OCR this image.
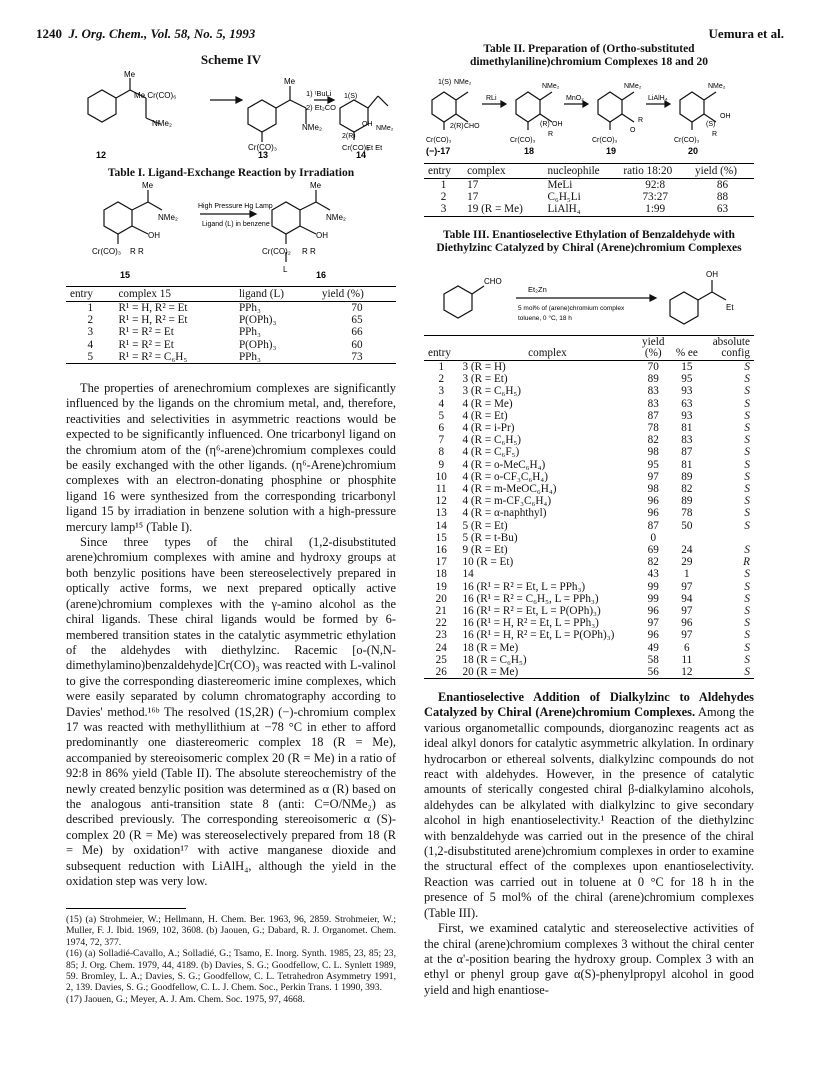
1240 J. Org. Chem., Vol. 58, No. 5, 1993	Uemura et al.
Scheme IV
Me
Me Cr(CO)₆
NMe₂
Me
NMe₂
Cr(CO)₃
1) ᵗBuLi
2) Et₂CO
1(S)
OH
NMe₂
2(R)
Cr(CO)₃
Et Et
12	13	14
Table I. Ligand-Exchange Reaction by Irradiation
Me
NMe₂
OH
Cr(CO)₃ R R
High Pressure Hg Lamp
Ligand (L) in benzene
Me
NMe₂
OH
Cr(CO)₂ R R
L
15	16
entry	complex 15	ligand (L)	yield (%)
1	R¹ = H, R² = Et	PPh₃	70
2	R¹ = H, R² = Et	P(OPh)₃	65
3	R¹ = R² = Et	PPh₃	66
4	R¹ = R² = Et	P(OPh)₃	60
5	R¹ = R² = C₆H₅	PPh₃	73

The properties of arenechromium complexes are significantly influenced by the ligands on the chromium metal, and, therefore, reactivities and selectivities in asymmetric reactions would be expected to be significantly influenced. One tricarbonyl ligand on the chromium atom of the (η⁶-arene)chromium complexes could be easily exchanged with the other ligands. (η⁶-Arene)chromium complexes with an electron-donating phosphine or phosphite ligand 16 were synthesized from the corresponding tricarbonyl ligand 15 by irradiation in benzene solution with a high-pressure mercury lamp¹⁵ (Table I).

Since three types of the chiral (1,2-disubstituted arene)chromium complexes with amine and hydroxy groups at both benzylic positions have been stereoselectively prepared in optically active forms, we next prepared optically active (arene)chromium complexes with the γ-amino alcohol as the chiral ligands. These chiral ligands would be formed by 6-membered transition states in the catalytic asymmetric ethylation of the aldehydes with diethylzinc. Racemic [o-(N,N-dimethylamino)benzaldehyde]Cr(CO)₃ was reacted with L-valinol to give the corresponding diastereomeric imine complexes, which were easily separated by column chromatography according to Davies' method.¹⁶ᵇ The resolved (1S,2R) (−)-chromium complex 17 was reacted with methyllithium at −78 °C in ether to afford predominantly one diastereomeric complex 18 (R = Me), accompanied by stereoisomeric complex 20 (R = Me) in a ratio of 92:8 in 86% yield (Table II). The absolute stereochemistry of the newly created benzylic position was determined as α (R) based on the analogous anti-transition state 8 (anti: C=O/NMe₂) as described previously. The corresponding stereoisomeric α (S)-complex 20 (R = Me) was stereoselectively prepared from 18 (R = Me) by oxidation¹⁷ with active manganese dioxide and subsequent reduction with LiAlH₄, although the yield in the oxidation step was very low.

(15) (a) Strohmeier, W.; Hellmann, H. Chem. Ber. 1963, 96, 2859. Strohmeier, W.; Muller, F. J. Ibid. 1969, 102, 3608. (b) Jaouen, G.; Dabard, R. J. Organomet. Chem. 1974, 72, 377.

(16) (a) Solladié-Cavallo, A.; Solladié, G.; Tsamo, E. Inorg. Synth. 1985, 23, 85; 23, 85; J. Org. Chem. 1979, 44, 4189. (b) Davies, S. G.; Goodfellow, C. L. Synlett 1989, 59. Bromley, L. A.; Davies, S. G.; Goodfellow, C. L. Tetrahedron Asymmetry 1991, 2, 139. Davies, S. G.; Goodfellow, C. L. J. Chem. Soc., Perkin Trans. 1 1990, 393.

(17) Jaouen, G.; Meyer, A. J. Am. Chem. Soc. 1975, 97, 4668.

Table II. Preparation of (Ortho-substituted dimethylaniline)chromium Complexes 18 and 20
1(S) NMe₂
2(R) CHO
RLi
NMe₂
(R) OH
R
MnO₂
NMe₂
O
R
LiAlH₄
NMe₂
(S)
OH
R
Cr(CO)₃	Cr(CO)₃	Cr(CO)₃	Cr(CO)₃
(−)-17	18	19	20
entry	complex	nucleophile	ratio 18:20	yield (%)
1	17	MeLi	92:8	86
2	17	C₆H₅Li	73:27	88
3	19 (R = Me)	LiAlH₄	1:99	63
Table III. Enantioselective Ethylation of Benzaldehyde with Diethylzinc Catalyzed by Chiral (Arene)chromium Complexes
CHO
Et₂Zn
5 mol% of (arene)chromium complex
toluene, 0 °C, 18 h
OH
Et
entry	complex	yield
(%)	% ee	absolute
config
1	3 (R = H)	70	15	S
2	3 (R = Et)	89	95	S
3	3 (R = C₆H₅)	83	93	S
4	4 (R = Me)	83	63	S
5	4 (R = Et)	87	93	S
6	4 (R = i-Pr)	78	81	S
7	4 (R = C₆H₅)	82	83	S
8	4 (R = C₆F₅)	98	87	S
9	4 (R = o-MeC₆H₄)	95	81	S
10	4 (R = o-CF₃C₆H₄)	97	89	S
11	4 (R = m-MeOC₆H₄)	98	82	S
12	4 (R = m-CF₃C₆H₄)	96	89	S
13	4 (R = α-naphthyl)	96	78	S
14	5 (R = Et)	87	50	S
15	5 (R = t-Bu)	0		
16	9 (R = Et)	69	24	S
17	10 (R = Et)	82	29	R
18	14	43	1	S
19	16 (R¹ = R² = Et, L = PPh₃)	99	97	S
20	16 (R¹ = R² = C₆H₅, L = PPh₃)	99	94	S
21	16 (R¹ = R² = Et, L = P(OPh)₃)	96	97	S
22	16 (R¹ = H, R² = Et, L = PPh₃)	97	96	S
23	16 (R¹ = H, R² = Et, L = P(OPh)₃)	96	97	S
24	18 (R = Me)	49	6	S
25	18 (R = C₆H₅)	58	11	S
26	20 (R = Me)	56	12	S

Enantioselective Addition of Dialkylzinc to Aldehydes Catalyzed by Chiral (Arene)chromium Complexes. Among the various organometallic compounds, diorganozinc reagents act as ideal alkyl donors for catalytic asymmetric alkylation. In ordinary hydrocarbon or ethereal solvents, dialkylzinc compounds do not react with aldehydes. However, in the presence of catalytic amounts of sterically congested chiral β-dialkylamino alcohols, aldehydes can be alkylated with dialkylzinc to give secondary alcohol in high enantioselectivity.¹ Reaction of the diethylzinc with benzaldehyde was carried out in the presence of the chiral (1,2-disubstituted arene)chromium complexes in order to examine the structural effect of the complexes upon enantioselectivity. Reaction was carried out in toluene at 0 °C for 18 h in the presence of 5 mol% of the chiral (arene)chromium complexes (Table III).

First, we examined catalytic and stereoselective activities of the chiral (arene)chromium complexes 3 without the chiral center at the α'-position bearing the hydroxy group. Complex 3 with an ethyl or phenyl group gave α(S)-phenylpropyl alcohol in good yield and high enantiose-
